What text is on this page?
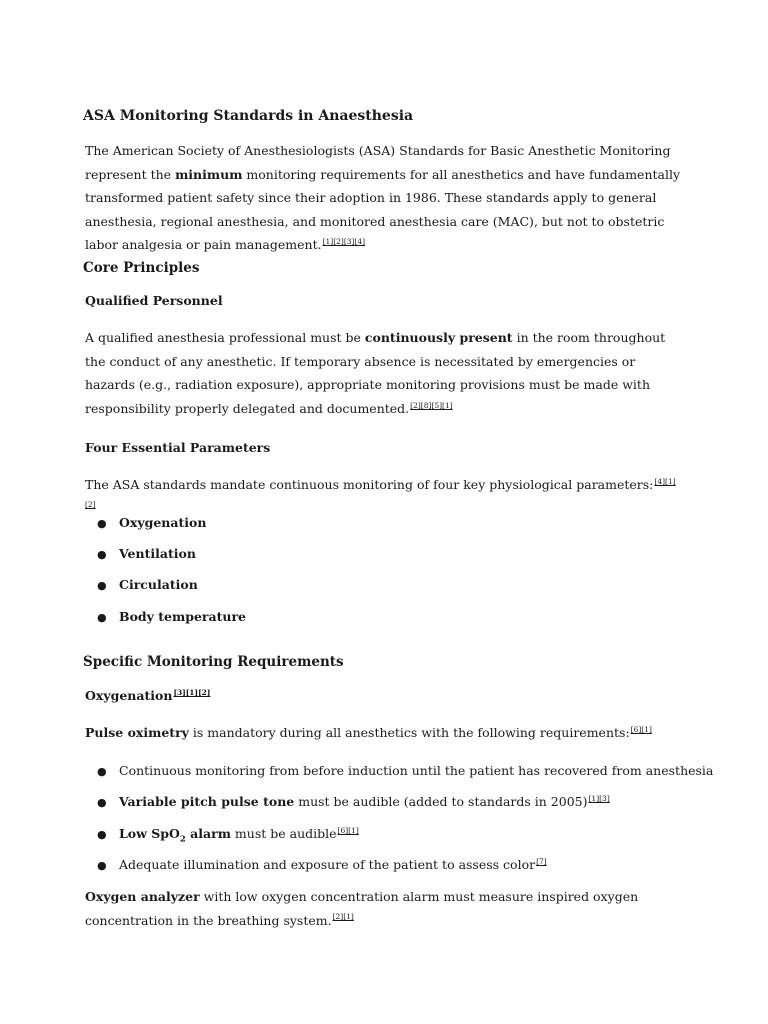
ASA Monitoring Standards in Anaesthesia

The American Society of Anesthesiologists (ASA) Standards for Basic Anesthetic Monitoring represent the minimum monitoring requirements for all anesthetics and have fundamentally transformed patient safety since their adoption in 1986. These standards apply to general anesthesia, regional anesthesia, and monitored anesthesia care (MAC), but not to obstetric labor analgesia or pain management.[1][2][3][4]

Core Principles
Qualified Personnel

A qualified anesthesia professional must be continuously present in the room throughout the conduct of any anesthetic. If temporary absence is necessitated by emergencies or hazards (e.g., radiation exposure), appropriate monitoring provisions must be made with responsibility properly delegated and documented.[2][8][5][1]

Four Essential Parameters

The ASA standards mandate continuous monitoring of four key physiological parameters:[4][1][2]

● Oxygenation
● Ventilation
● Circulation
● Body temperature
Specific Monitoring Requirements
Oxygenation[3][1][2]

Pulse oximetry is mandatory during all anesthetics with the following requirements:[6][1]

● Continuous monitoring from before induction until the patient has recovered from anesthesia
● Variable pitch pulse tone must be audible (added to standards in 2005)[1][3]
● Low SpO$_2$ alarm must be audible[6][1]
● Adequate illumination and exposure of the patient to assess color[7]

Oxygen analyzer with low oxygen concentration alarm must measure inspired oxygen concentration in the breathing system.[2][1]
